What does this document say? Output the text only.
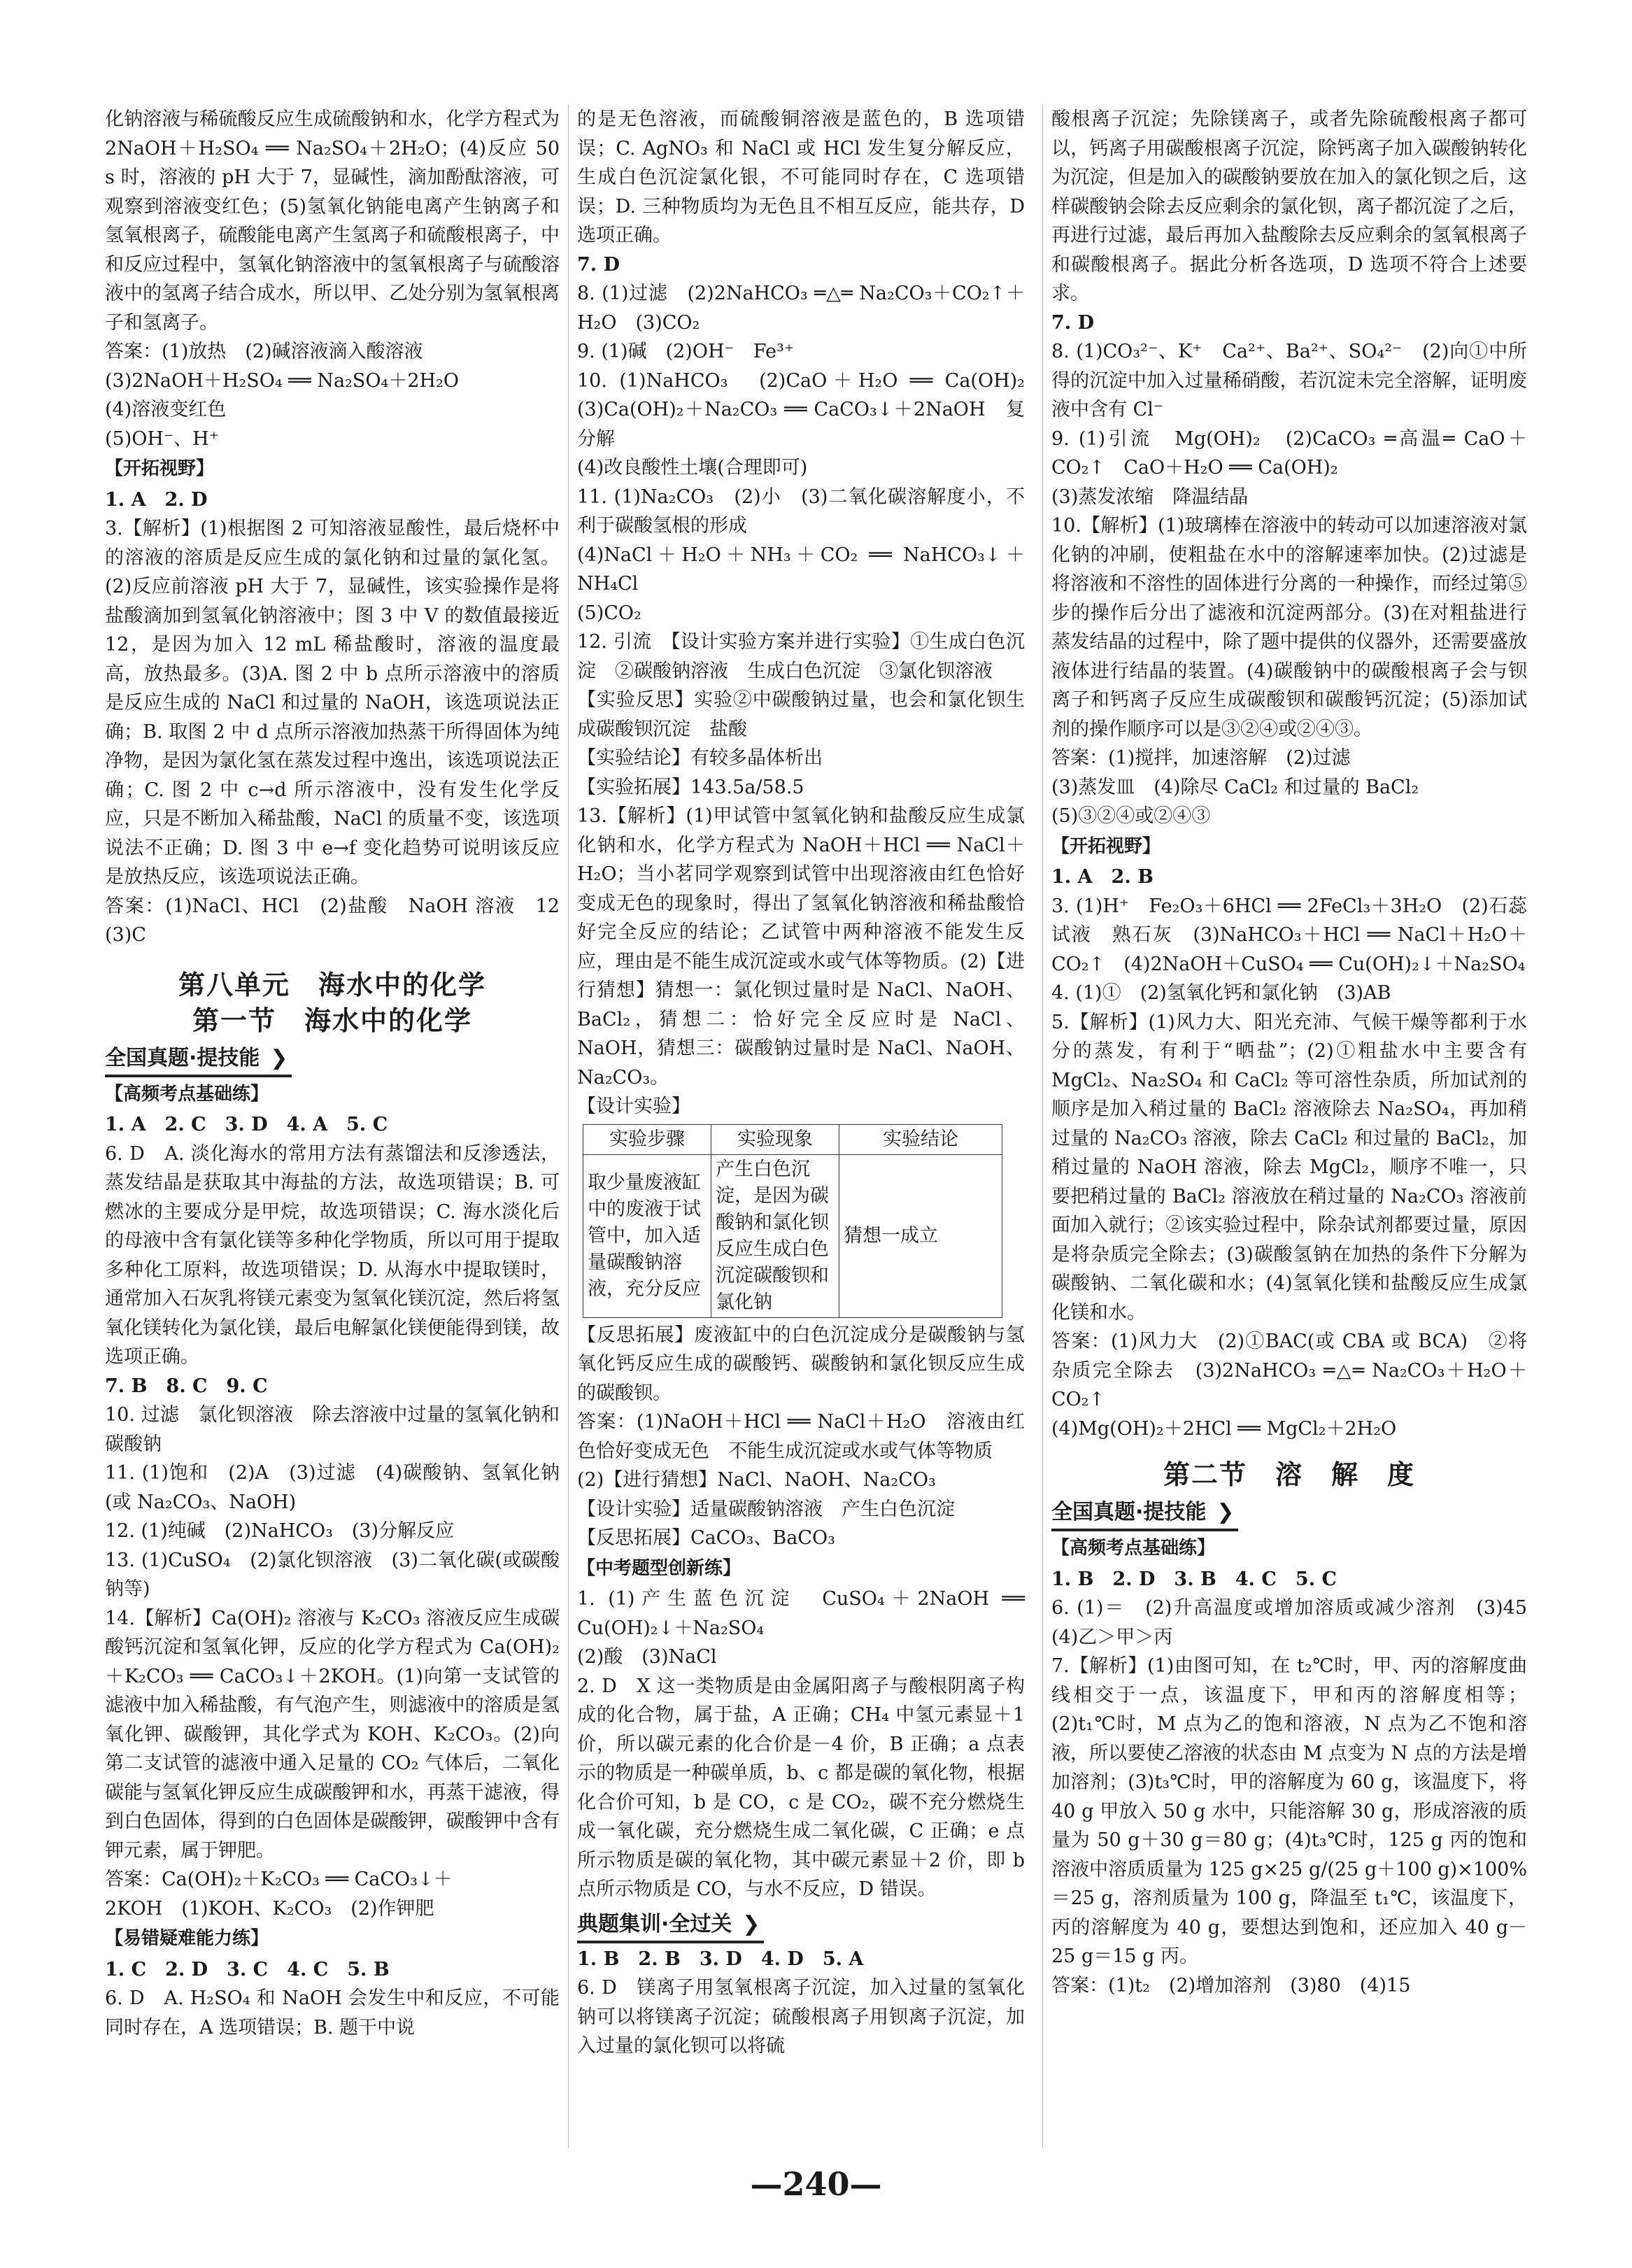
化钠溶液与稀硫酸反应生成硫酸钠和水，化学方程式为 2NaOH＋H₂SO₄ ══ Na₂SO₄＋2H₂O；(4)反应 50 s 时，溶液的 pH 大于 7，显碱性，滴加酚酞溶液，可观察到溶液变红色；(5)氢氧化钠能电离产生钠离子和氢氧根离子，硫酸能电离产生氢离子和硫酸根离子，中和反应过程中，氢氧化钠溶液中的氢氧根离子与硫酸溶液中的氢离子结合成水，所以甲、乙处分别为氢氧根离子和氢离子。

答案：(1)放热　(2)碱溶液滴入酸溶液

(3)2NaOH＋H₂SO₄ ══ Na₂SO₄＋2H₂O

(4)溶液变红色

(5)OH⁻、H⁺

【开拓视野】

1. A　2. D

3.【解析】(1)根据图 2 可知溶液显酸性，最后烧杯中的溶液的溶质是反应生成的氯化钠和过量的氯化氢。(2)反应前溶液 pH 大于 7，显碱性，该实验操作是将盐酸滴加到氢氧化钠溶液中；图 3 中 V 的数值最接近 12，是因为加入 12 mL 稀盐酸时，溶液的温度最高，放热最多。(3)A. 图 2 中 b 点所示溶液中的溶质是反应生成的 NaCl 和过量的 NaOH，该选项说法正确；B. 取图 2 中 d 点所示溶液加热蒸干所得固体为纯净物，是因为氯化氢在蒸发过程中逸出，该选项说法正确；C. 图 2 中 c→d 所示溶液中，没有发生化学反应，只是不断加入稀盐酸，NaCl 的质量不变，该选项说法不正确；D. 图 3 中 e→f 变化趋势可说明该反应是放热反应，该选项说法正确。

答案：(1)NaCl、HCl　(2)盐酸　NaOH 溶液　12　(3)C

第八单元　海水中的化学
第一节　海水中的化学
全国真题·提技能 ❯
【高频考点基础练】

1. A　2. C　3. D　4. A　5. C

6. D　A. 淡化海水的常用方法有蒸馏法和反渗透法，蒸发结晶是获取其中海盐的方法，故选项错误；B. 可燃冰的主要成分是甲烷，故选项错误；C. 海水淡化后的母液中含有氯化镁等多种化学物质，所以可用于提取多种化工原料，故选项错误；D. 从海水中提取镁时，通常加入石灰乳将镁元素变为氢氧化镁沉淀，然后将氢氧化镁转化为氯化镁，最后电解氯化镁便能得到镁，故选项正确。

7. B　8. C　9. C

10. 过滤　氯化钡溶液　除去溶液中过量的氢氧化钠和碳酸钠

11. (1)饱和　(2)A　(3)过滤　(4)碳酸钠、氢氧化钠(或 Na₂CO₃、NaOH)

12. (1)纯碱　(2)NaHCO₃　(3)分解反应

13. (1)CuSO₄　(2)氯化钡溶液　(3)二氧化碳(或碳酸钠等)

14.【解析】Ca(OH)₂ 溶液与 K₂CO₃ 溶液反应生成碳酸钙沉淀和氢氧化钾，反应的化学方程式为 Ca(OH)₂＋K₂CO₃ ══ CaCO₃↓＋2KOH。(1)向第一支试管的滤液中加入稀盐酸，有气泡产生，则滤液中的溶质是氢氧化钾、碳酸钾，其化学式为 KOH、K₂CO₃。(2)向第二支试管的滤液中通入足量的 CO₂ 气体后，二氧化碳能与氢氧化钾反应生成碳酸钾和水，再蒸干滤液，得到白色固体，得到的白色固体是碳酸钾，碳酸钾中含有钾元素，属于钾肥。

答案：Ca(OH)₂＋K₂CO₃ ══ CaCO₃↓＋

2KOH　(1)KOH、K₂CO₃　(2)作钾肥

【易错疑难能力练】

1. C　2. D　3. C　4. C　5. B

6. D　A. H₂SO₄ 和 NaOH 会发生中和反应，不可能同时存在，A 选项错误；B. 题干中说

的是无色溶液，而硫酸铜溶液是蓝色的，B 选项错误；C. AgNO₃ 和 NaCl 或 HCl 发生复分解反应，生成白色沉淀氯化银，不可能同时存在，C 选项错误；D. 三种物质均为无色且不相互反应，能共存，D 选项正确。

7. D

8. (1)过滤　(2)2NaHCO₃ ═△═ Na₂CO₃＋CO₂↑＋H₂O　(3)CO₂

9. (1)碱　(2)OH⁻　Fe³⁺

10. (1)NaHCO₃　(2)CaO＋H₂O ══ Ca(OH)₂　(3)Ca(OH)₂＋Na₂CO₃ ══ CaCO₃↓＋2NaOH　复分解

(4)改良酸性土壤(合理即可)

11. (1)Na₂CO₃　(2)小　(3)二氧化碳溶解度小，不利于碳酸氢根的形成

(4)NaCl＋H₂O＋NH₃＋CO₂ ══ NaHCO₃↓＋NH₄Cl

(5)CO₂

12. 引流　【设计实验方案并进行实验】①生成白色沉淀　②碳酸钠溶液　生成白色沉淀　③氯化钡溶液

【实验反思】实验②中碳酸钠过量，也会和氯化钡生成碳酸钡沉淀　盐酸

【实验结论】有较多晶体析出

【实验拓展】143.5a/58.5

13.【解析】(1)甲试管中氢氧化钠和盐酸反应生成氯化钠和水，化学方程式为 NaOH＋HCl ══ NaCl＋H₂O；当小茗同学观察到试管中出现溶液由红色恰好变成无色的现象时，得出了氢氧化钠溶液和稀盐酸恰好完全反应的结论；乙试管中两种溶液不能发生反应，理由是不能生成沉淀或水或气体等物质。(2)【进行猜想】猜想一：氯化钡过量时是 NaCl、NaOH、BaCl₂，猜想二：恰好完全反应时是 NaCl、NaOH，猜想三：碳酸钠过量时是 NaCl、NaOH、Na₂CO₃。

【设计实验】

实验步骤	实验现象	实验结论
取少量废液缸中的废液于试管中，加入适量碳酸钠溶液，充分反应	产生白色沉淀，是因为碳酸钠和氯化钡反应生成白色沉淀碳酸钡和氯化钠	猜想一成立

【反思拓展】废液缸中的白色沉淀成分是碳酸钠与氢氧化钙反应生成的碳酸钙、碳酸钠和氯化钡反应生成的碳酸钡。

答案：(1)NaOH＋HCl ══ NaCl＋H₂O　溶液由红色恰好变成无色　不能生成沉淀或水或气体等物质

(2)【进行猜想】NaCl、NaOH、Na₂CO₃

【设计实验】适量碳酸钠溶液　产生白色沉淀

【反思拓展】CaCO₃、BaCO₃

【中考题型创新练】

1. (1)产生蓝色沉淀　CuSO₄＋2NaOH ══ Cu(OH)₂↓＋Na₂SO₄

(2)酸　(3)NaCl

2. D　X 这一类物质是由金属阳离子与酸根阴离子构成的化合物，属于盐，A 正确；CH₄ 中氢元素显＋1 价，所以碳元素的化合价是－4 价，B 正确；a 点表示的物质是一种碳单质，b、c 都是碳的氧化物，根据化合价可知，b 是 CO，c 是 CO₂，碳不充分燃烧生成一氧化碳，充分燃烧生成二氧化碳，C 正确；e 点所示物质是碳的氧化物，其中碳元素显＋2 价，即 b 点所示物质是 CO，与水不反应，D 错误。

典题集训·全过关 ❯

1. B　2. B　3. D　4. D　5. A

6. D　镁离子用氢氧根离子沉淀，加入过量的氢氧化钠可以将镁离子沉淀；硫酸根离子用钡离子沉淀，加入过量的氯化钡可以将硫

酸根离子沉淀；先除镁离子，或者先除硫酸根离子都可以，钙离子用碳酸根离子沉淀，除钙离子加入碳酸钠转化为沉淀，但是加入的碳酸钠要放在加入的氯化钡之后，这样碳酸钠会除去反应剩余的氯化钡，离子都沉淀了之后，再进行过滤，最后再加入盐酸除去反应剩余的氢氧根离子和碳酸根离子。据此分析各选项，D 选项不符合上述要求。

7. D

8. (1)CO₃²⁻、K⁺　Ca²⁺、Ba²⁺、SO₄²⁻　(2)向①中所得的沉淀中加入过量稀硝酸，若沉淀未完全溶解，证明废液中含有 Cl⁻

9. (1)引流　Mg(OH)₂　(2)CaCO₃ ═高温═ CaO＋CO₂↑　CaO＋H₂O ══ Ca(OH)₂

(3)蒸发浓缩　降温结晶

10.【解析】(1)玻璃棒在溶液中的转动可以加速溶液对氯化钠的冲刷，使粗盐在水中的溶解速率加快。(2)过滤是将溶液和不溶性的固体进行分离的一种操作，而经过第⑤步的操作后分出了滤液和沉淀两部分。(3)在对粗盐进行蒸发结晶的过程中，除了题中提供的仪器外，还需要盛放液体进行结晶的装置。(4)碳酸钠中的碳酸根离子会与钡离子和钙离子反应生成碳酸钡和碳酸钙沉淀；(5)添加试剂的操作顺序可以是③②④或②④③。

答案：(1)搅拌，加速溶解　(2)过滤

(3)蒸发皿　(4)除尽 CaCl₂ 和过量的 BaCl₂

(5)③②④或②④③

【开拓视野】

1. A　2. B

3. (1)H⁺　Fe₂O₃＋6HCl ══ 2FeCl₃＋3H₂O　(2)石蕊试液　熟石灰　(3)NaHCO₃＋HCl ══ NaCl＋H₂O＋CO₂↑　(4)2NaOH＋CuSO₄ ══ Cu(OH)₂↓＋Na₂SO₄

4. (1)①　(2)氢氧化钙和氯化钠　(3)AB

5.【解析】(1)风力大、阳光充沛、气候干燥等都利于水分的蒸发，有利于“晒盐”；(2)①粗盐水中主要含有 MgCl₂、Na₂SO₄ 和 CaCl₂ 等可溶性杂质，所加试剂的顺序是加入稍过量的 BaCl₂ 溶液除去 Na₂SO₄，再加稍过量的 Na₂CO₃ 溶液，除去 CaCl₂ 和过量的 BaCl₂，加稍过量的 NaOH 溶液，除去 MgCl₂，顺序不唯一，只要把稍过量的 BaCl₂ 溶液放在稍过量的 Na₂CO₃ 溶液前面加入就行；②该实验过程中，除杂试剂都要过量，原因是将杂质完全除去；(3)碳酸氢钠在加热的条件下分解为碳酸钠、二氧化碳和水；(4)氢氧化镁和盐酸反应生成氯化镁和水。

答案：(1)风力大　(2)①BAC(或 CBA 或 BCA)　②将杂质完全除去　(3)2NaHCO₃ ═△═ Na₂CO₃＋H₂O＋CO₂↑

(4)Mg(OH)₂＋2HCl ══ MgCl₂＋2H₂O

第二节　溶　解　度
全国真题·提技能 ❯
【高频考点基础练】

1. B　2. D　3. B　4. C　5. C

6. (1)＝　(2)升高温度或增加溶质或减少溶剂　(3)45　(4)乙＞甲＞丙

7.【解析】(1)由图可知，在 t₂℃时，甲、丙的溶解度曲线相交于一点，该温度下，甲和丙的溶解度相等；(2)t₁℃时，M 点为乙的饱和溶液，N 点为乙不饱和溶液，所以要使乙溶液的状态由 M 点变为 N 点的方法是增加溶剂；(3)t₃℃时，甲的溶解度为 60 g，该温度下，将 40 g 甲放入 50 g 水中，只能溶解 30 g，形成溶液的质量为 50 g＋30 g＝80 g；(4)t₃℃时，125 g 丙的饱和溶液中溶质质量为 125 g×25 g/(25 g＋100 g)×100%＝25 g，溶剂质量为 100 g，降温至 t₁℃，该温度下，丙的溶解度为 40 g，要想达到饱和，还应加入 40 g－25 g＝15 g 丙。

答案：(1)t₂　(2)增加溶剂　(3)80　(4)15

—240—
